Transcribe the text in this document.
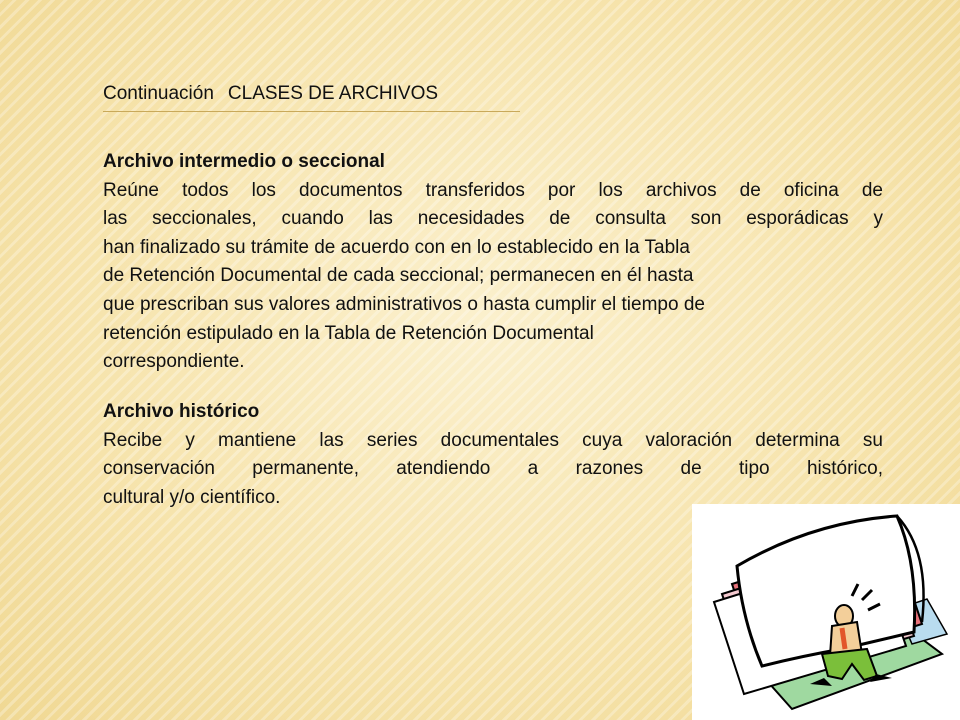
Continuación CLASES DE ARCHIVOS
Archivo intermedio o seccional
Reúne todos los documentos transferidos por los archivos de oficina de
las seccionales, cuando las necesidades de consulta son esporádicas y
han finalizado su trámite de acuerdo con en lo establecido en la Tabla
de Retención Documental de cada seccional; permanecen en él hasta
que prescriban sus valores administrativos o hasta cumplir el tiempo de
retención estipulado en la Tabla de Retención Documental
correspondiente.
Archivo histórico
Recibe y mantiene las series documentales cuya valoración determina su
conservación permanente, atendiendo a razones de tipo histórico,
cultural y/o científico.
